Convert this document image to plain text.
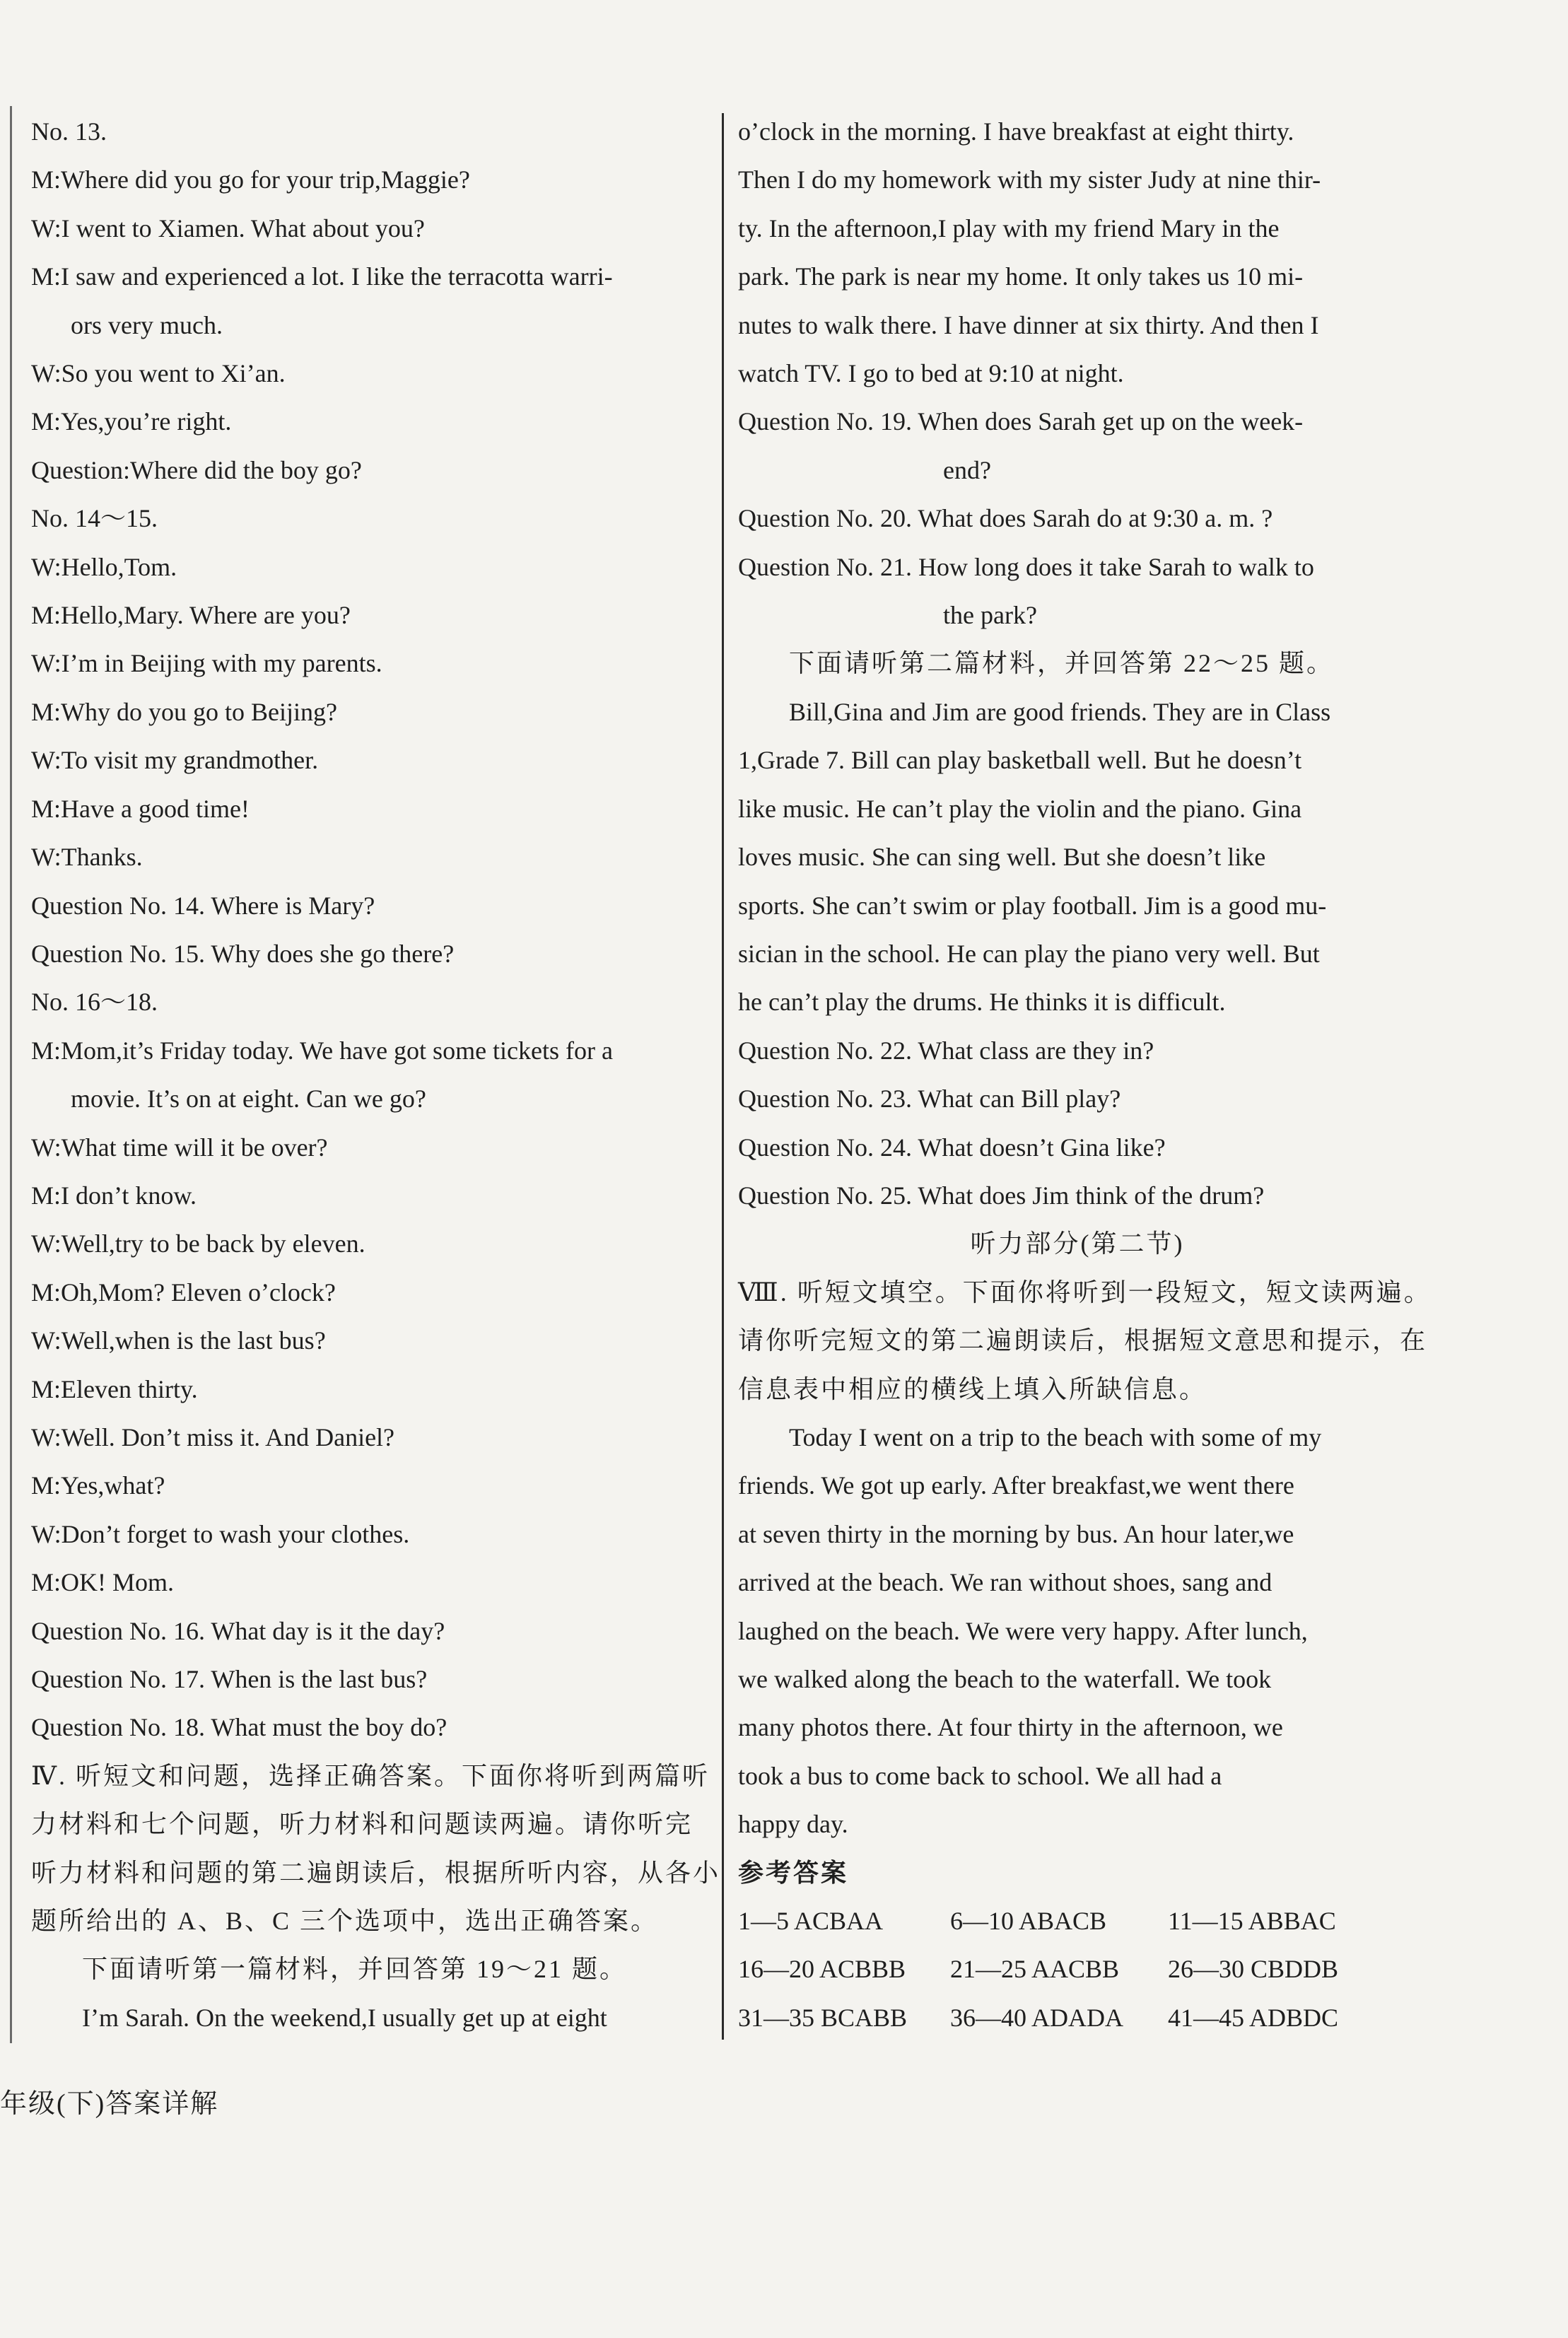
No. 13.
M:Where did you go for your trip,Maggie?
W:I went to Xiamen. What about you?
M:I saw and experienced a lot. I like the terracotta warri-
ors very much.
W:So you went to Xi’an.
M:Yes,you’re right.
Question:Where did the boy go?
No. 14～15.
W:Hello,Tom.
M:Hello,Mary. Where are you?
W:I’m in Beijing with my parents.
M:Why do you go to Beijing?
W:To visit my grandmother.
M:Have a good time!
W:Thanks.
Question No. 14. Where is Mary?
Question No. 15. Why does she go there?
No. 16～18.
M:Mom,it’s Friday today. We have got some tickets for a
movie. It’s on at eight. Can we go?
W:What time will it be over?
M:I don’t know.
W:Well,try to be back by eleven.
M:Oh,Mom? Eleven o’clock?
W:Well,when is the last bus?
M:Eleven thirty.
W:Well. Don’t miss it. And Daniel?
M:Yes,what?
W:Don’t forget to wash your clothes.
M:OK! Mom.
Question No. 16. What day is it the day?
Question No. 17. When is the last bus?
Question No. 18. What must the boy do?
Ⅳ. 听短文和问题，选择正确答案。下面你将听到两篇听
力材料和七个问题，听力材料和问题读两遍。请你听完
听力材料和问题的第二遍朗读后，根据所听内容，从各小
题所给出的 A、B、C 三个选项中，选出正确答案。
下面请听第一篇材料，并回答第 19～21 题。
I’m Sarah. On the weekend,I usually get up at eight
o’clock in the morning. I have breakfast at eight thirty.
Then I do my homework with my sister Judy at nine thir-
ty. In the afternoon,I play with my friend Mary in the
park. The park is near my home. It only takes us 10 mi-
nutes to walk there. I have dinner at six thirty. And then I
watch TV. I go to bed at 9:10 at night.
Question No. 19. When does Sarah get up on the week-
end?
Question No. 20. What does Sarah do at 9:30 a. m. ?
Question No. 21. How long does it take Sarah to walk to
the park?
下面请听第二篇材料，并回答第 22～25 题。
Bill,Gina and Jim are good friends. They are in Class
1,Grade 7. Bill can play basketball well. But he doesn’t
like music. He can’t play the violin and the piano. Gina
loves music. She can sing well. But she doesn’t like
sports. She can’t swim or play football. Jim is a good mu-
sician in the school. He can play the piano very well. But
he can’t play the drums. He thinks it is difficult.
Question No. 22. What class are they in?
Question No. 23. What can Bill play?
Question No. 24. What doesn’t Gina like?
Question No. 25. What does Jim think of the drum?
听力部分(第二节)
Ⅷ. 听短文填空。下面你将听到一段短文，短文读两遍。
请你听完短文的第二遍朗读后，根据短文意思和提示，在
信息表中相应的横线上填入所缺信息。
Today I went on a trip to the beach with some of my
friends. We got up early. After breakfast,we went there
at seven thirty in the morning by bus. An hour later,we
arrived at the beach. We ran without shoes, sang and
laughed on the beach. We were very happy. After lunch,
we walked along the beach to the waterfall. We took
many photos there. At four thirty in the afternoon, we
took a bus to come back to school. We all had a
happy day.
参考答案
1—5 ACBAA	6—10 ABACB	11—15 ABBAC
16—20 ACBBB	21—25 AACBB	26—30 CBDDB
31—35 BCABB	36—40 ADADA	41—45 ADBDC
年级(下)答案详解
